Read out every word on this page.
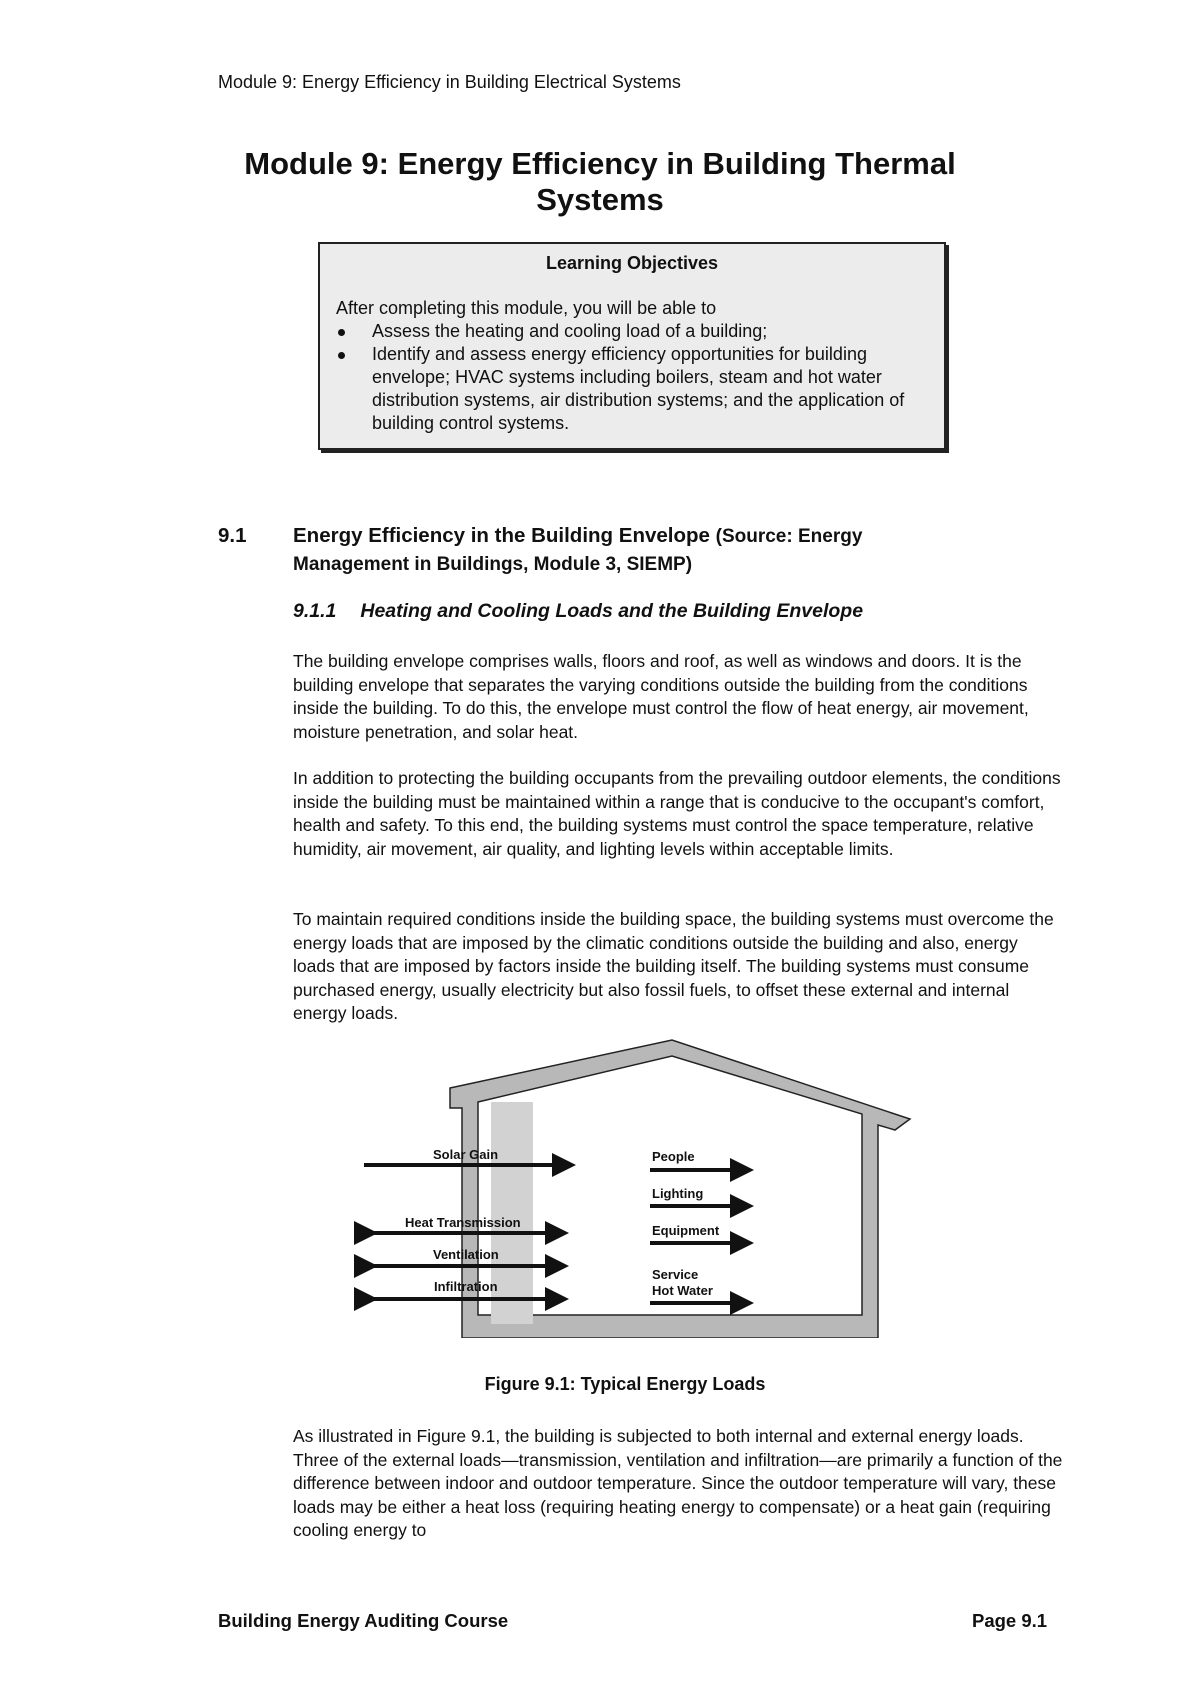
Module 9: Energy Efficiency in Building Electrical Systems
Module 9: Energy Efficiency in Building Thermal
Systems
Learning Objectives
After completing this module, you will be able to
Assess the heating and cooling load of a building;
Identify and assess energy efficiency opportunities for building envelope; HVAC systems including boilers, steam and hot water distribution systems, air distribution systems; and the application of building control systems.
9.1 Energy Efficiency in the Building Envelope (Source: Energy
Management in Buildings, Module 3, SIEMP)
9.1.1 Heating and Cooling Loads and the Building Envelope

The building envelope comprises walls, floors and roof, as well as windows and doors. It is the building envelope that separates the varying conditions outside the building from the conditions inside the building. To do this, the envelope must control the flow of heat energy, air movement, moisture penetration, and solar heat.

In addition to protecting the building occupants from the prevailing outdoor elements, the conditions inside the building must be maintained within a range that is conducive to the occupant's comfort, health and safety. To this end, the building systems must control the space temperature, relative humidity, air movement, air quality, and lighting levels within acceptable limits.

To maintain required conditions inside the building space, the building systems must overcome the energy loads that are imposed by the climatic conditions outside the building and also, energy loads that are imposed by factors inside the building itself. The building systems must consume purchased energy, usually electricity but also fossil fuels, to offset these external and internal energy loads.

Solar Gain
Heat Transmission
Ventilation
Infiltration
People
Lighting
Equipment
Service
Hot Water
Figure 9.1: Typical Energy Loads

As illustrated in Figure 9.1, the building is subjected to both internal and external energy loads. Three of the external loads—transmission, ventilation and infiltration—are primarily a function of the difference between indoor and outdoor temperature. Since the outdoor temperature will vary, these loads may be either a heat loss (requiring heating energy to compensate) or a heat gain (requiring cooling energy to

Building Energy Auditing Course	Page 9.1
